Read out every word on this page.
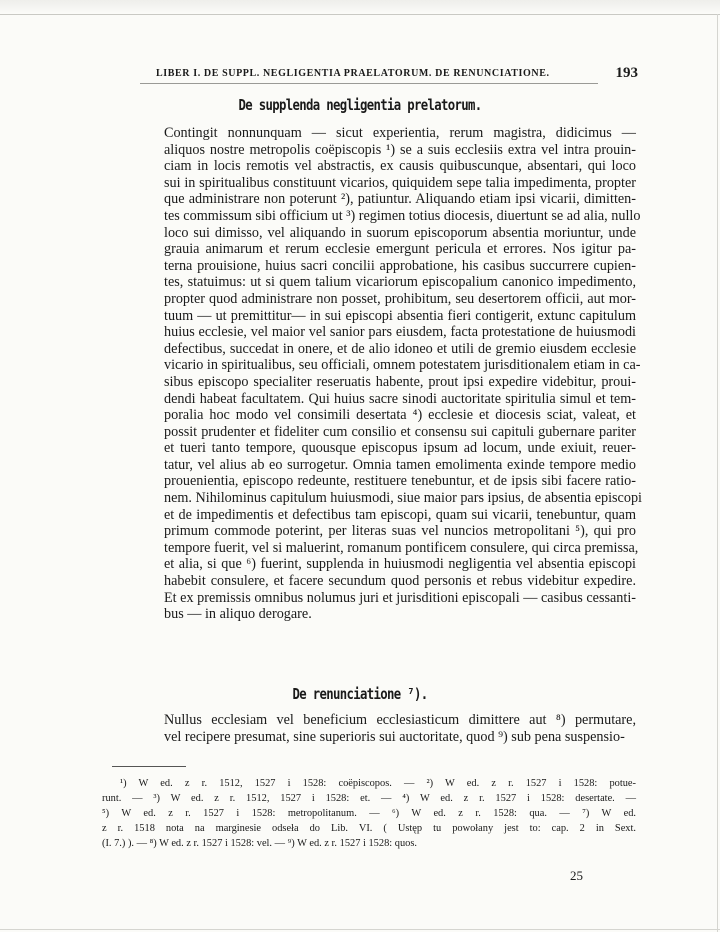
LIBER I. DE SUPPL. NEGLIGENTIA PRAELATORUM. DE RENUNCIATIONE.	193
De supplenda negligentia prelatorum.

Contingit nonnunquam — sicut experientia, rerum magistra, didicimus —
aliquos nostre metropolis coëpiscopis ¹) se a suis ecclesiis extra vel intra prouin-
ciam in locis remotis vel abstractis, ex causis quibuscunque, absentari, qui loco
sui in spiritualibus constituunt vicarios, quiquidem sepe talia impedimenta, propter
que administrare non poterunt ²), patiuntur. Aliquando etiam ipsi vicarii, dimitten-
tes commissum sibi officium ut ³) regimen totius diocesis, diuertunt se ad alia, nullo
loco sui dimisso, vel aliquando in suorum episcoporum absentia moriuntur, unde
grauia animarum et rerum ecclesie emergunt pericula et errores. Nos igitur pa-
terna prouisione, huius sacri concilii approbatione, his casibus succurrere cupien-
tes, statuimus: ut si quem talium vicariorum episcopalium canonico impedimento,
propter quod administrare non posset, prohibitum, seu desertorem officii, aut mor-
tuum — ut premittitur— in sui episcopi absentia fieri contigerit, extunc capitulum
huius ecclesie, vel maior vel sanior pars eiusdem, facta protestatione de huiusmodi
defectibus, succedat in onere, et de alio idoneo et utili de gremio eiusdem ecclesie
vicario in spiritualibus, seu officiali, omnem potestatem jurisditionalem etiam in ca-
sibus episcopo specialiter reseruatis habente, prout ipsi expedire videbitur, proui-
dendi habeat facultatem. Qui huius sacre sinodi auctoritate spiritulia simul et tem-
poralia hoc modo vel consimili desertata ⁴) ecclesie et diocesis sciat, valeat, et
possit prudenter et fideliter cum consilio et consensu sui capituli gubernare pariter
et tueri tanto tempore, quousque episcopus ipsum ad locum, unde exiuit, reuer-
tatur, vel alius ab eo surrogetur. Omnia tamen emolimenta exinde tempore medio
prouenientia, episcopo redeunte, restituere tenebuntur, et de ipsis sibi facere ratio-
nem. Nihilominus capitulum huiusmodi, siue maior pars ipsius, de absentia episcopi
et de impedimentis et defectibus tam episcopi, quam sui vicarii, tenebuntur, quam
primum commode poterint, per literas suas vel nuncios metropolitani ⁵), qui pro
tempore fuerit, vel si maluerint, romanum pontificem consulere, qui circa premissa,
et alia, si que ⁶) fuerint, supplenda in huiusmodi negligentia vel absentia episcopi
habebit consulere, et facere secundum quod personis et rebus videbitur expedire.
Et ex premissis omnibus nolumus juri et jurisditioni episcopali — casibus cessanti-
bus — in aliquo derogare.

De renunciatione ⁷).

Nullus ecclesiam vel beneficium ecclesiasticum dimittere aut ⁸) permutare,
vel recipere presumat, sine superioris sui auctoritate, quod ⁹) sub pena suspensio-

¹) W ed. z r. 1512, 1527 i 1528: coëpiscopos. — ²) W ed. z r. 1527 i 1528: potue-
runt. — ³) W ed. z r. 1512, 1527 i 1528: et. — ⁴) W ed. z r. 1527 i 1528: desertate. —
⁵) W ed. z r. 1527 i 1528: metropolitanum. — ⁶) W ed. z r. 1528: qua. — ⁷) W ed.
z r. 1518 nota na marginesie odseła do Lib. VI. ( Ustęp tu powołany jest to: cap. 2 in Sext.
(I. 7.) ). — ⁸) W ed. z r. 1527 i 1528: vel. — ⁹) W ed. z r. 1527 i 1528: quos.

25
